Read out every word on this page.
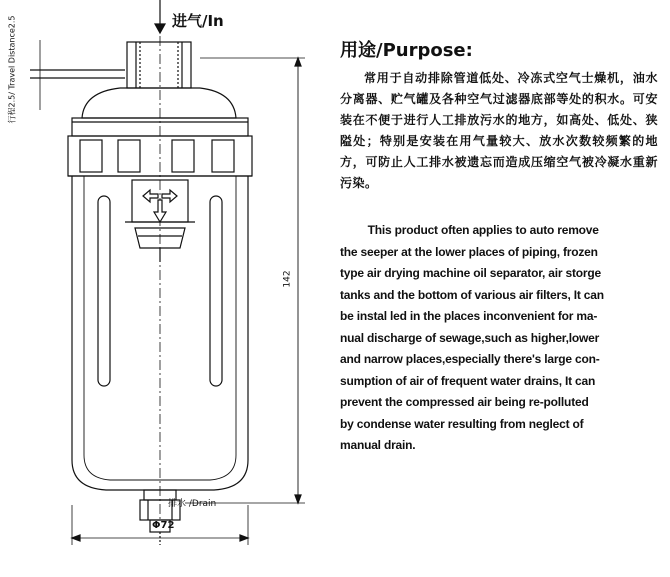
进气/In
排水 /Drain
Φ72
142
行程2.5/ Travel Distance2.5	用途/Purpose:

常用于自动排除管道低处、冷冻式空气士燥机，油水分离器、贮气罐及各种空气过滤器底部等处的积水。可安装在不便于进行人工排放污水的地方，如高处、低处、狭隘处；特别是安装在用气量较大、放水次数较频繁的地方，可防止人工排水被遗忘而造成压缩空气被冷凝水重新污染。

This product often applies to auto remove
the seeper at the lower places of piping, frozen
type air drying machine oil separator, air storge
tanks and the bottom of various air filters, It can
be instal led in the places inconvenient for ma-
nual discharge of sewage,such as higher,lower
and narrow places,especially there's large con-
sumption of air of frequent water drains, It can
prevent the compressed air being re-polluted
by condense water resulting from neglect of
manual drain.
